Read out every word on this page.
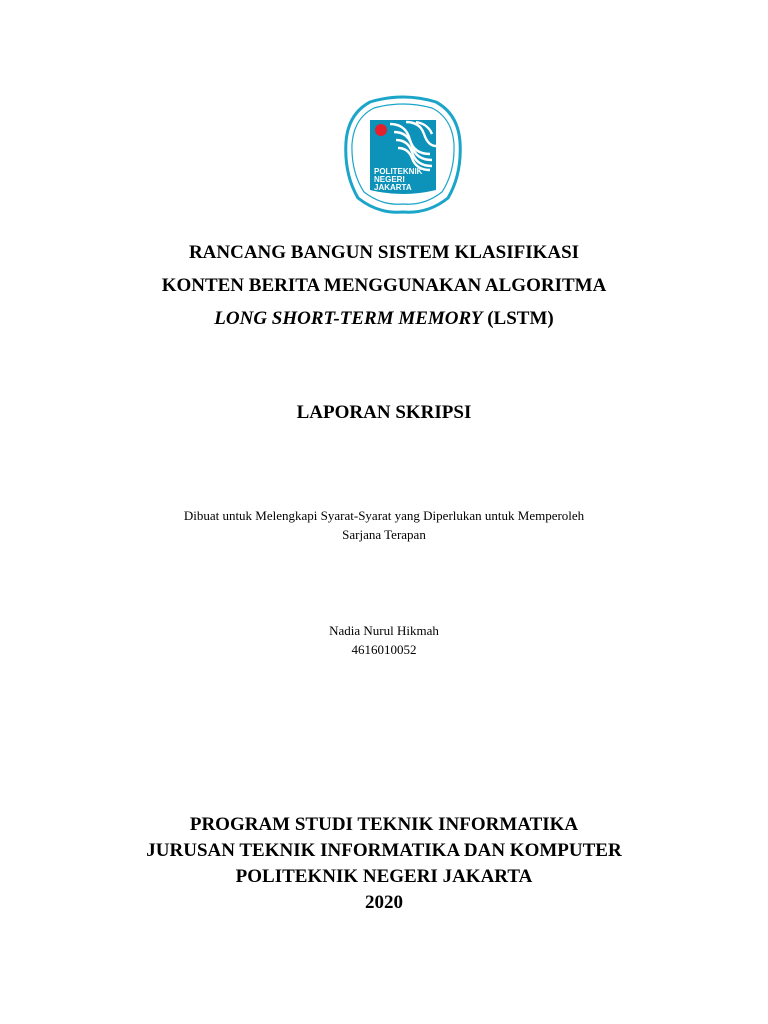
POLITEKNIK
NEGERI
JAKARTA
RANCANG BANGUN SISTEM KLASIFIKASI
KONTEN BERITA MENGGUNAKAN ALGORITMA
LONG SHORT-TERM MEMORY (LSTM)
LAPORAN SKRIPSI
Dibuat untuk Melengkapi Syarat-Syarat yang Diperlukan untuk Memperoleh
Sarjana Terapan
Nadia Nurul Hikmah
4616010052
PROGRAM STUDI TEKNIK INFORMATIKA
JURUSAN TEKNIK INFORMATIKA DAN KOMPUTER
POLITEKNIK NEGERI JAKARTA
2020
